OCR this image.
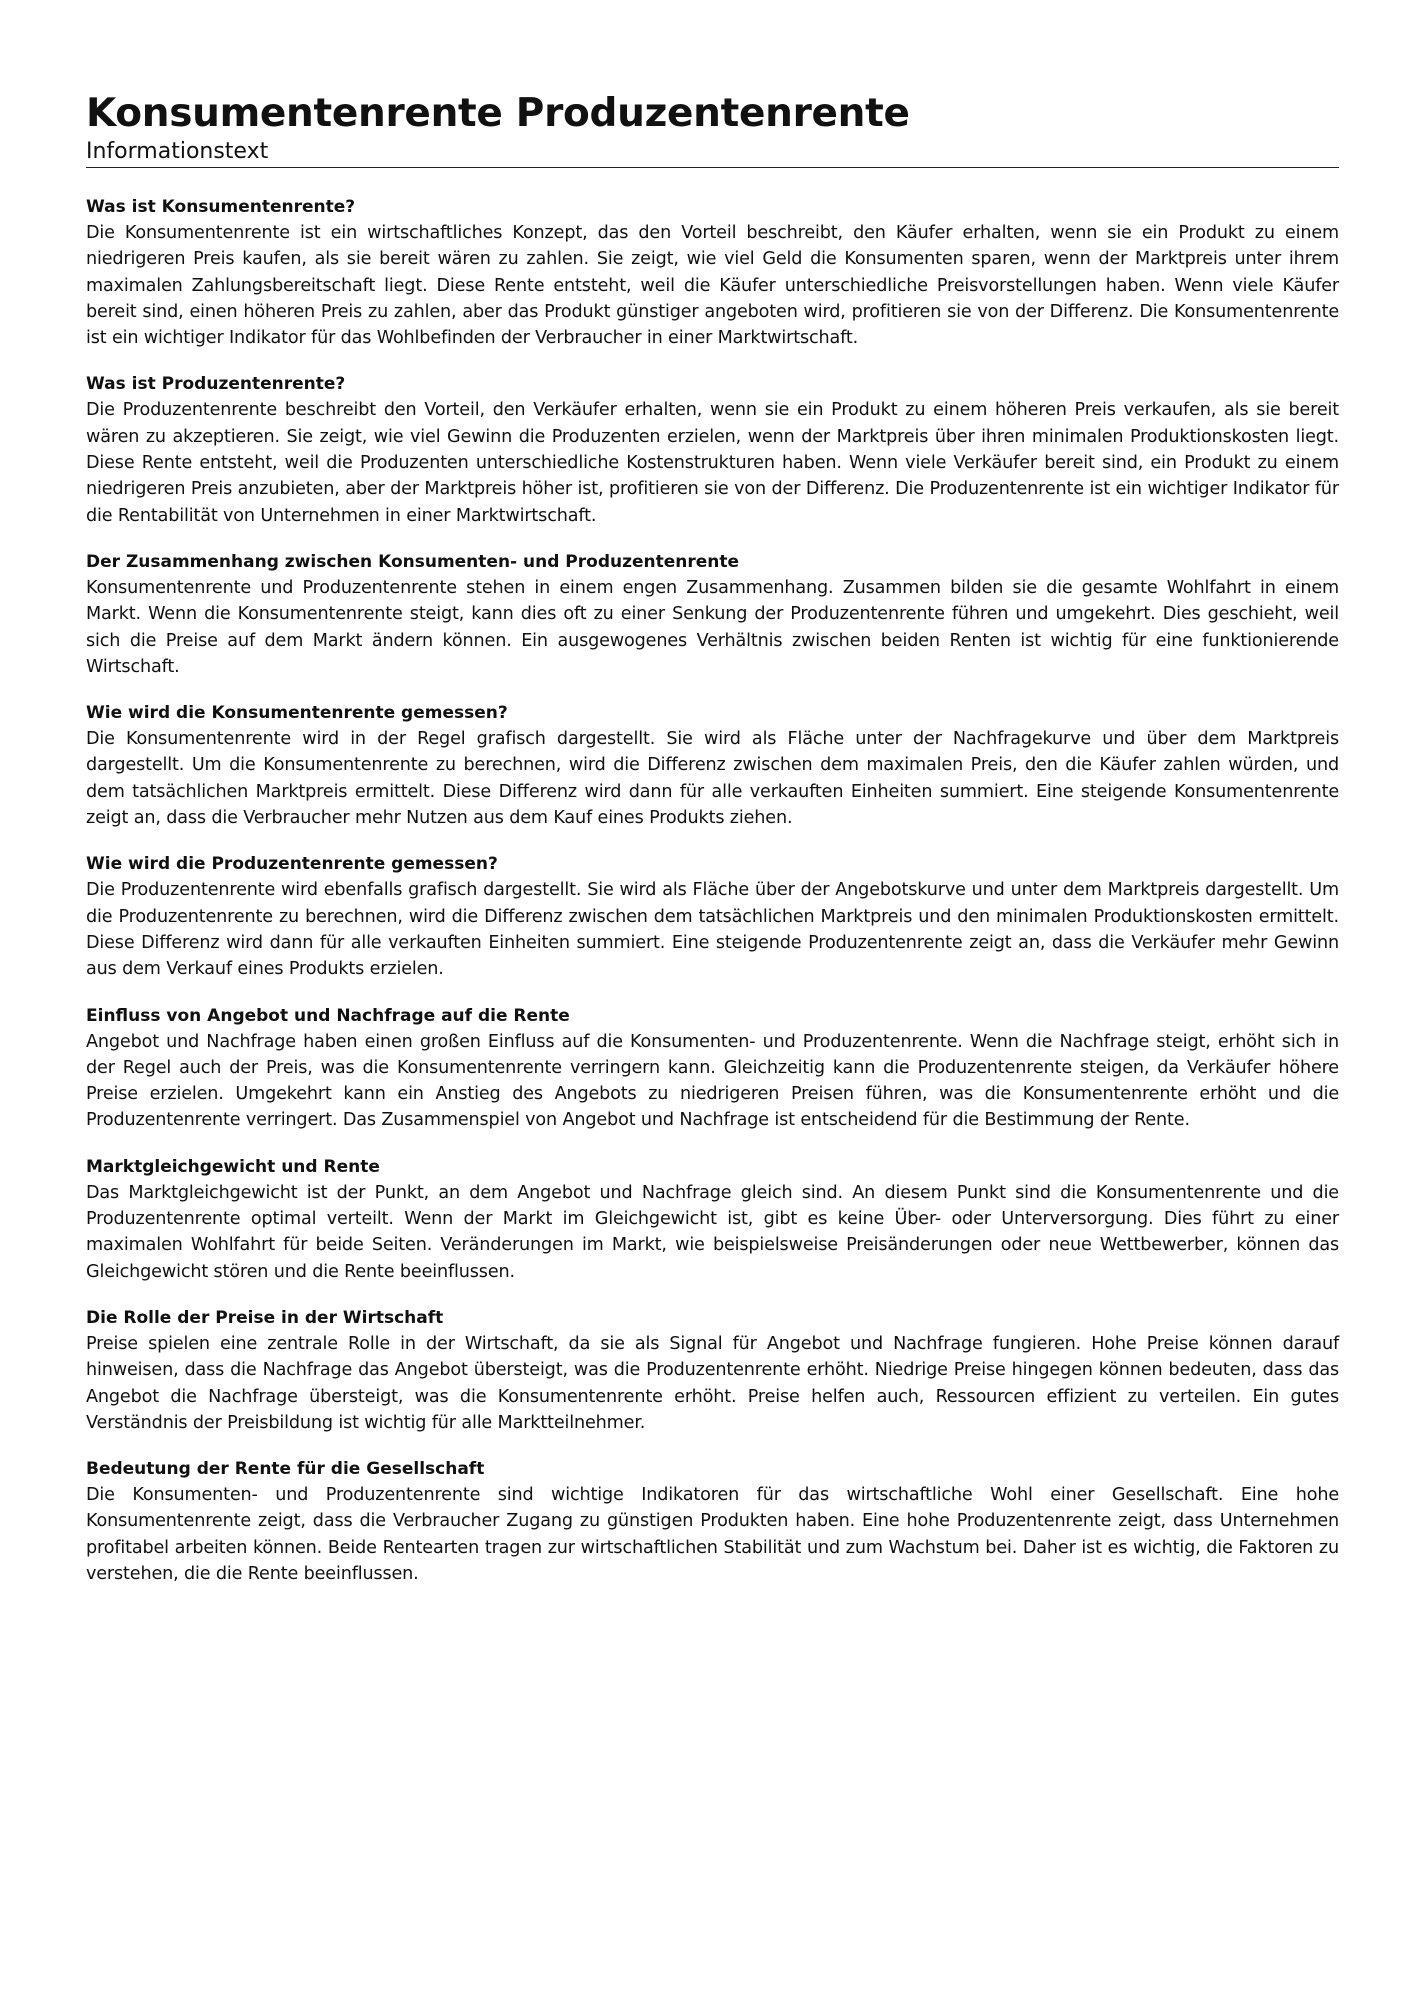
Konsumentenrente Produzentenrente
Informationstext

Was ist Konsumentenrente?

Die Konsumentenrente ist ein wirtschaftliches Konzept, das den Vorteil beschreibt, den Käufer erhalten, wenn sie ein Produkt zu einem niedrigeren Preis kaufen, als sie bereit wären zu zahlen. Sie zeigt, wie viel Geld die Konsumenten sparen, wenn der Marktpreis unter ihrem maximalen Zahlungsbereitschaft liegt. Diese Rente entsteht, weil die Käufer unterschiedliche Preisvorstellungen haben. Wenn viele Käufer bereit sind, einen höheren Preis zu zahlen, aber das Produkt günstiger angeboten wird, profitieren sie von der Differenz. Die Konsumentenrente ist ein wichtiger Indikator für das Wohlbefinden der Verbraucher in einer Marktwirtschaft.

Was ist Produzentenrente?

Die Produzentenrente beschreibt den Vorteil, den Verkäufer erhalten, wenn sie ein Produkt zu einem höheren Preis verkaufen, als sie bereit wären zu akzeptieren. Sie zeigt, wie viel Gewinn die Produzenten erzielen, wenn der Marktpreis über ihren minimalen Produktionskosten liegt. Diese Rente entsteht, weil die Produzenten unterschiedliche Kostenstrukturen haben. Wenn viele Verkäufer bereit sind, ein Produkt zu einem niedrigeren Preis anzubieten, aber der Marktpreis höher ist, profitieren sie von der Differenz. Die Produzentenrente ist ein wichtiger Indikator für die Rentabilität von Unternehmen in einer Marktwirtschaft.

Der Zusammenhang zwischen Konsumenten- und Produzentenrente

Konsumentenrente und Produzentenrente stehen in einem engen Zusammenhang. Zusammen bilden sie die gesamte Wohlfahrt in einem Markt. Wenn die Konsumentenrente steigt, kann dies oft zu einer Senkung der Produzentenrente führen und umgekehrt. Dies geschieht, weil sich die Preise auf dem Markt ändern können. Ein ausgewogenes Verhältnis zwischen beiden Renten ist wichtig für eine funktionierende Wirtschaft.

Wie wird die Konsumentenrente gemessen?

Die Konsumentenrente wird in der Regel grafisch dargestellt. Sie wird als Fläche unter der Nachfragekurve und über dem Marktpreis dargestellt. Um die Konsumentenrente zu berechnen, wird die Differenz zwischen dem maximalen Preis, den die Käufer zahlen würden, und dem tatsächlichen Marktpreis ermittelt. Diese Differenz wird dann für alle verkauften Einheiten summiert. Eine steigende Konsumentenrente zeigt an, dass die Verbraucher mehr Nutzen aus dem Kauf eines Produkts ziehen.

Wie wird die Produzentenrente gemessen?

Die Produzentenrente wird ebenfalls grafisch dargestellt. Sie wird als Fläche über der Angebotskurve und unter dem Marktpreis dargestellt. Um die Produzentenrente zu berechnen, wird die Differenz zwischen dem tatsächlichen Marktpreis und den minimalen Produktionskosten ermittelt. Diese Differenz wird dann für alle verkauften Einheiten summiert. Eine steigende Produzentenrente zeigt an, dass die Verkäufer mehr Gewinn aus dem Verkauf eines Produkts erzielen.

Einfluss von Angebot und Nachfrage auf die Rente

Angebot und Nachfrage haben einen großen Einfluss auf die Konsumenten- und Produzentenrente. Wenn die Nachfrage steigt, erhöht sich in der Regel auch der Preis, was die Konsumentenrente verringern kann. Gleichzeitig kann die Produzentenrente steigen, da Verkäufer höhere Preise erzielen. Umgekehrt kann ein Anstieg des Angebots zu niedrigeren Preisen führen, was die Konsumentenrente erhöht und die Produzentenrente verringert. Das Zusammenspiel von Angebot und Nachfrage ist entscheidend für die Bestimmung der Rente.

Marktgleichgewicht und Rente

Das Marktgleichgewicht ist der Punkt, an dem Angebot und Nachfrage gleich sind. An diesem Punkt sind die Konsumentenrente und die Produzentenrente optimal verteilt. Wenn der Markt im Gleichgewicht ist, gibt es keine Über- oder Unterversorgung. Dies führt zu einer maximalen Wohlfahrt für beide Seiten. Veränderungen im Markt, wie beispielsweise Preisänderungen oder neue Wettbewerber, können das Gleichgewicht stören und die Rente beeinflussen.

Die Rolle der Preise in der Wirtschaft

Preise spielen eine zentrale Rolle in der Wirtschaft, da sie als Signal für Angebot und Nachfrage fungieren. Hohe Preise können darauf hinweisen, dass die Nachfrage das Angebot übersteigt, was die Produzentenrente erhöht. Niedrige Preise hingegen können bedeuten, dass das Angebot die Nachfrage übersteigt, was die Konsumentenrente erhöht. Preise helfen auch, Ressourcen effizient zu verteilen. Ein gutes Verständnis der Preisbildung ist wichtig für alle Marktteilnehmer.

Bedeutung der Rente für die Gesellschaft

Die Konsumenten- und Produzentenrente sind wichtige Indikatoren für das wirtschaftliche Wohl einer Gesellschaft. Eine hohe Konsumentenrente zeigt, dass die Verbraucher Zugang zu günstigen Produkten haben. Eine hohe Produzentenrente zeigt, dass Unternehmen profitabel arbeiten können. Beide Rentearten tragen zur wirtschaftlichen Stabilität und zum Wachstum bei. Daher ist es wichtig, die Faktoren zu verstehen, die die Rente beeinflussen.
